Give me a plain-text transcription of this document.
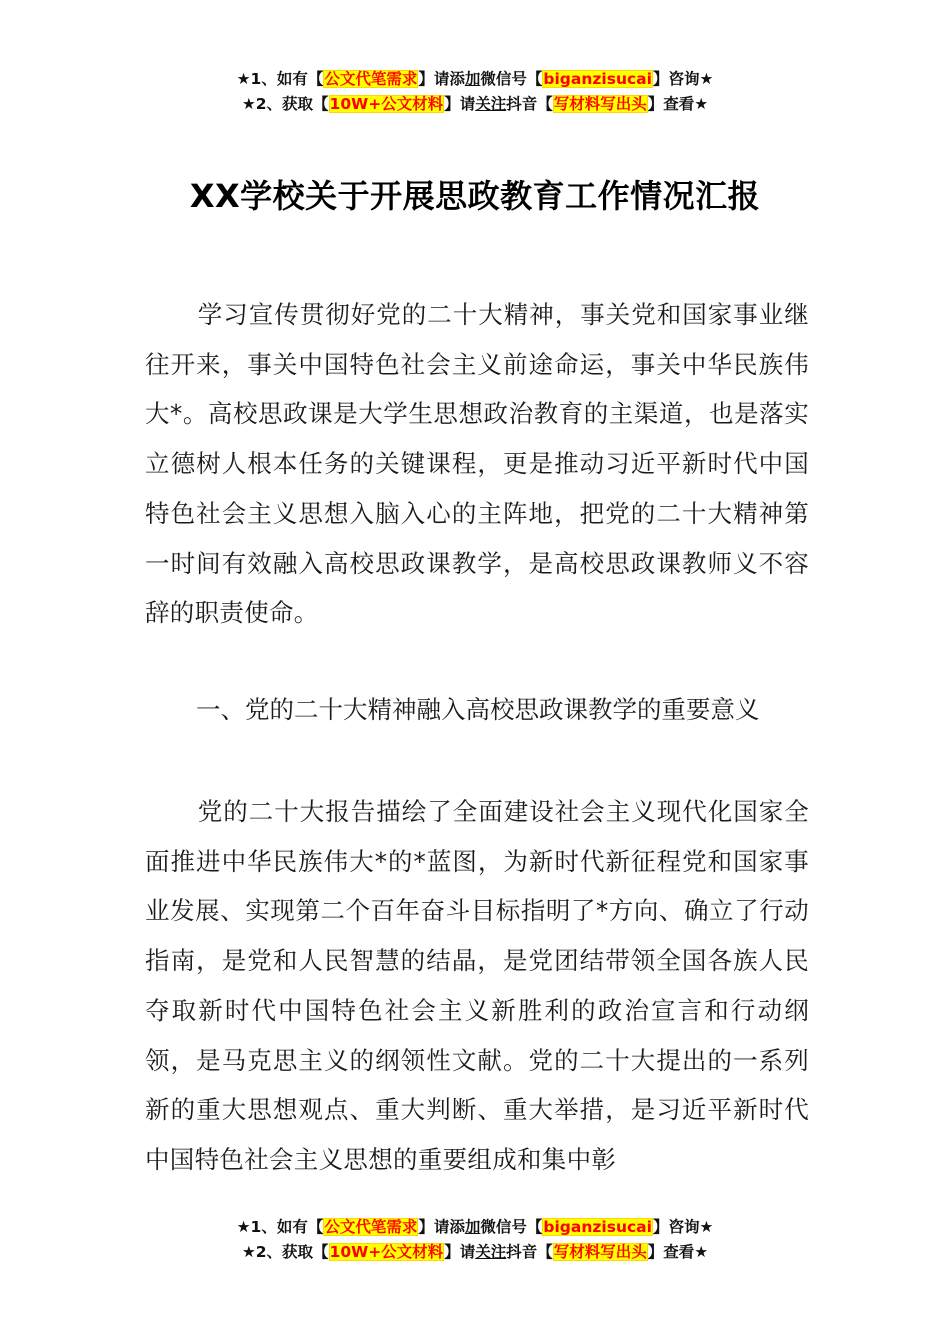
★1、如有【公文代笔需求】请添加微信号【biganzisucai】咨询★
★2、获取【10W+公文材料】请关注抖音【写材料写出头】查看★
XX学校关于开展思政教育工作情况汇报

学习宣传贯彻好党的二十大精神，事关党和国家事业继往开来，事关中国特色社会主义前途命运，事关中华民族伟大*。高校思政课是大学生思想政治教育的主渠道，也是落实立德树人根本任务的关键课程，更是推动习近平新时代中国特色社会主义思想入脑入心的主阵地，把党的二十大精神第一时间有效融入高校思政课教学，是高校思政课教师义不容辞的职责使命。

一、党的二十大精神融入高校思政课教学的重要意义

党的二十大报告描绘了全面建设社会主义现代化国家全面推进中华民族伟大*的*蓝图，为新时代新征程党和国家事业发展、实现第二个百年奋斗目标指明了*方向、确立了行动指南，是党和人民智慧的结晶，是党团结带领全国各族人民夺取新时代中国特色社会主义新胜利的政治宣言和行动纲领，是马克思主义的纲领性文献。党的二十大提出的一系列新的重大思想观点、重大判断、重大举措，是习近平新时代中国特色社会主义思想的重要组成和集中彰

★1、如有【公文代笔需求】请添加微信号【biganzisucai】咨询★
★2、获取【10W+公文材料】请关注抖音【写材料写出头】查看★
